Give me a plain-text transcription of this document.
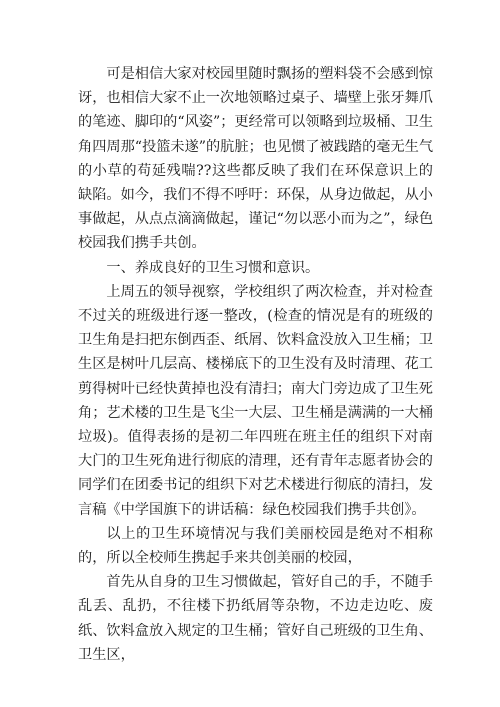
可是相信大家对校园里随时飘扬的塑料袋不会感到惊讶，也相信大家不止一次地领略过桌子、墙壁上张牙舞爪的笔迹、脚印的“风姿”；更经常可以领略到垃圾桶、卫生角四周那“投篮未遂”的肮脏；也见惯了被践踏的毫无生气的小草的苟延残喘??这些都反映了我们在环保意识上的缺陷。如今，我们不得不呼吁：环保，从身边做起，从小事做起，从点点滴滴做起，谨记“勿以恶小而为之”，绿色校园我们携手共创。

一、养成良好的卫生习惯和意识。

上周五的领导视察，学校组织了两次检查，并对检查不过关的班级进行逐一整改，(检查的情况是有的班级的卫生角是扫把东倒西歪、纸屑、饮料盒没放入卫生桶；卫生区是树叶几层高、楼梯底下的卫生没有及时清理、花工剪得树叶已经快黄掉也没有清扫；南大门旁边成了卫生死角；艺术楼的卫生是飞尘一大层、卫生桶是满满的一大桶垃圾)。值得表扬的是初二年四班在班主任的组织下对南大门的卫生死角进行彻底的清理，还有青年志愿者协会的同学们在团委书记的组织下对艺术楼进行彻底的清扫，发言稿《中学国旗下的讲话稿：绿色校园我们携手共创》。

以上的卫生环境情况与我们美丽校园是绝对不相称的，所以全校师生携起手来共创美丽的校园，

首先从自身的卫生习惯做起，管好自己的手，不随手乱丢、乱扔，不往楼下扔纸屑等杂物，不边走边吃、废纸、饮料盒放入规定的卫生桶；管好自己班级的卫生角、卫生区，
